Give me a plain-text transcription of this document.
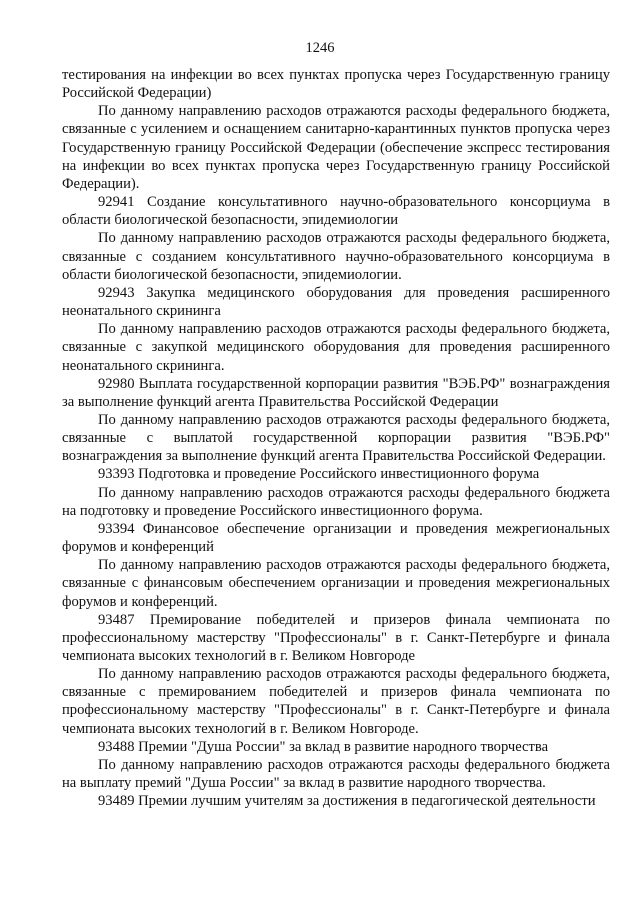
1246

тестирования на инфекции во всех пунктах пропуска через Государственную границу Российской Федерации)

По данному направлению расходов отражаются расходы федерального бюджета, связанные с усилением и оснащением санитарно-карантинных пунктов пропуска через Государственную границу Российской Федерации (обеспечение экспресс тестирования на инфекции во всех пунктах пропуска через Государственную границу Российской Федерации).

92941 Создание консультативного научно-образовательного консорциума в области биологической безопасности, эпидемиологии

По данному направлению расходов отражаются расходы федерального бюджета, связанные с созданием консультативного научно-образовательного консорциума в области биологической безопасности, эпидемиологии.

92943 Закупка медицинского оборудования для проведения расширенного неонатального скрининга

По данному направлению расходов отражаются расходы федерального бюджета, связанные с закупкой медицинского оборудования для проведения расширенного неонатального скрининга.

92980 Выплата государственной корпорации развития "ВЭБ.РФ" вознаграждения за выполнение функций агента Правительства Российской Федерации

По данному направлению расходов отражаются расходы федерального бюджета, связанные с выплатой государственной корпорации развития "ВЭБ.РФ" вознаграждения за выполнение функций агента Правительства Российской Федерации.

93393 Подготовка и проведение Российского инвестиционного форума

По данному направлению расходов отражаются расходы федерального бюджета на подготовку и проведение Российского инвестиционного форума.

93394 Финансовое обеспечение организации и проведения межрегиональных форумов и конференций

По данному направлению расходов отражаются расходы федерального бюджета, связанные с финансовым обеспечением организации и проведения межрегиональных форумов и конференций.

93487 Премирование победителей и призеров финала чемпионата по профессиональному мастерству "Профессионалы" в г. Санкт-Петербурге и финала чемпионата высоких технологий в г. Великом Новгороде

По данному направлению расходов отражаются расходы федерального бюджета, связанные с премированием победителей и призеров финала чемпионата по профессиональному мастерству "Профессионалы" в г. Санкт-Петербурге и финала чемпионата высоких технологий в г. Великом Новгороде.

93488 Премии "Душа России" за вклад в развитие народного творчества

По данному направлению расходов отражаются расходы федерального бюджета на выплату премий "Душа России" за вклад в развитие народного творчества.

93489 Премии лучшим учителям за достижения в педагогической деятельности
